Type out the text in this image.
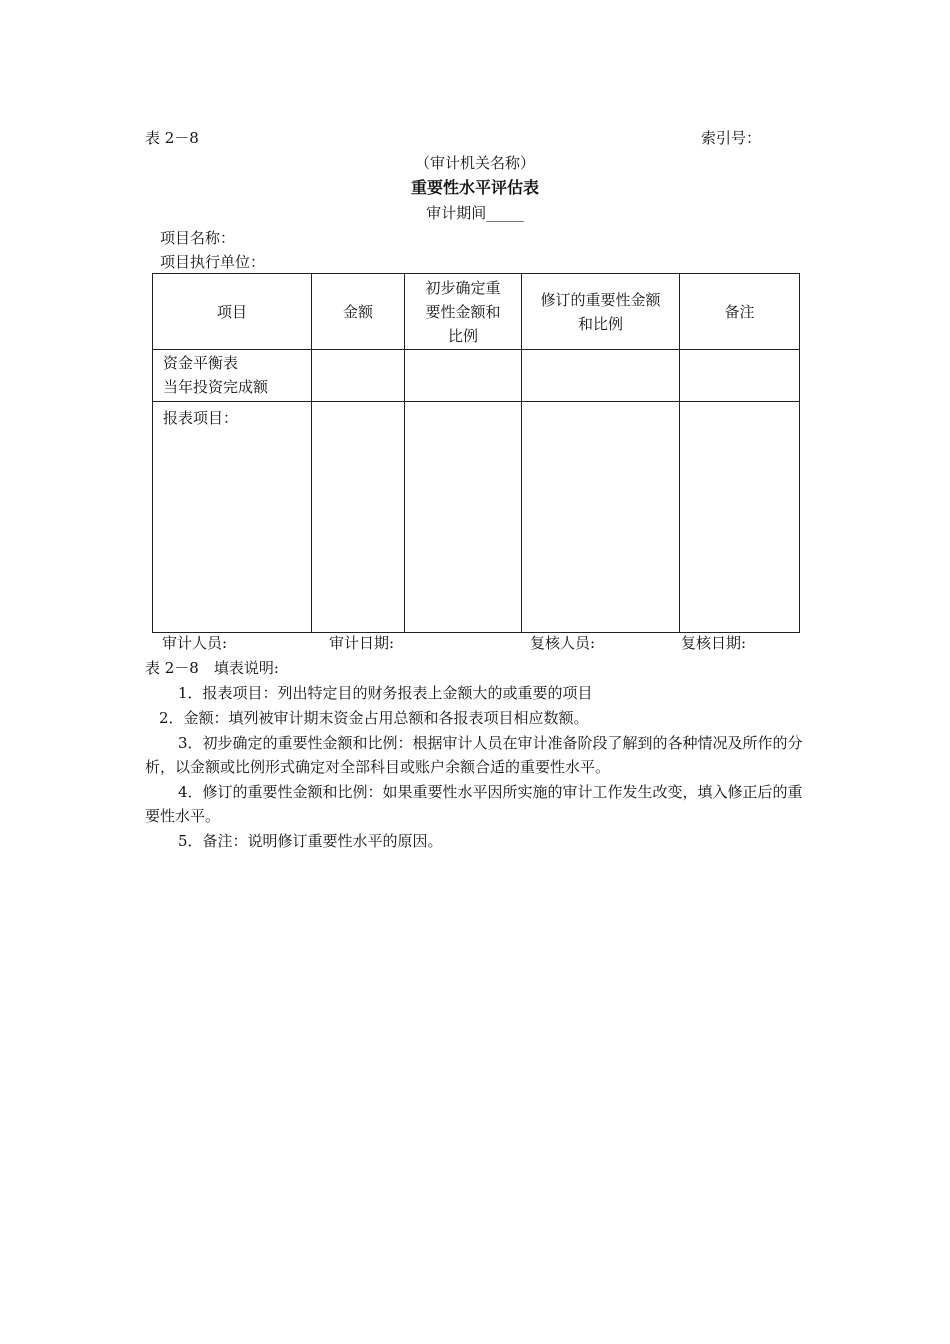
表 2－8	索引号：
（审计机关名称）
重要性水平评估表
审计期间_____
项目名称：
项目执行单位：
项目	金额	初步确定重
要性金额和
比例	修订的重要性金额
和比例	备注

资金平衡表
当年投资完成额				

报表项目：				

审计人员:	审计日期:	复核人员:	复核日期:

表 2－8　填表说明:

1．报表项目：列出特定目的财务报表上金额大的或重要的项目

2．金额：填列被审计期末资金占用总额和各报表项目相应数额。

3．初步确定的重要性金额和比例：根据审计人员在审计准备阶段了解到的各种情况及所作的分析，以金额或比例形式确定对全部科目或账户余额合适的重要性水平。

4．修订的重要性金额和比例：如果重要性水平因所实施的审计工作发生改变，填入修正后的重要性水平。

5．备注：说明修订重要性水平的原因。
